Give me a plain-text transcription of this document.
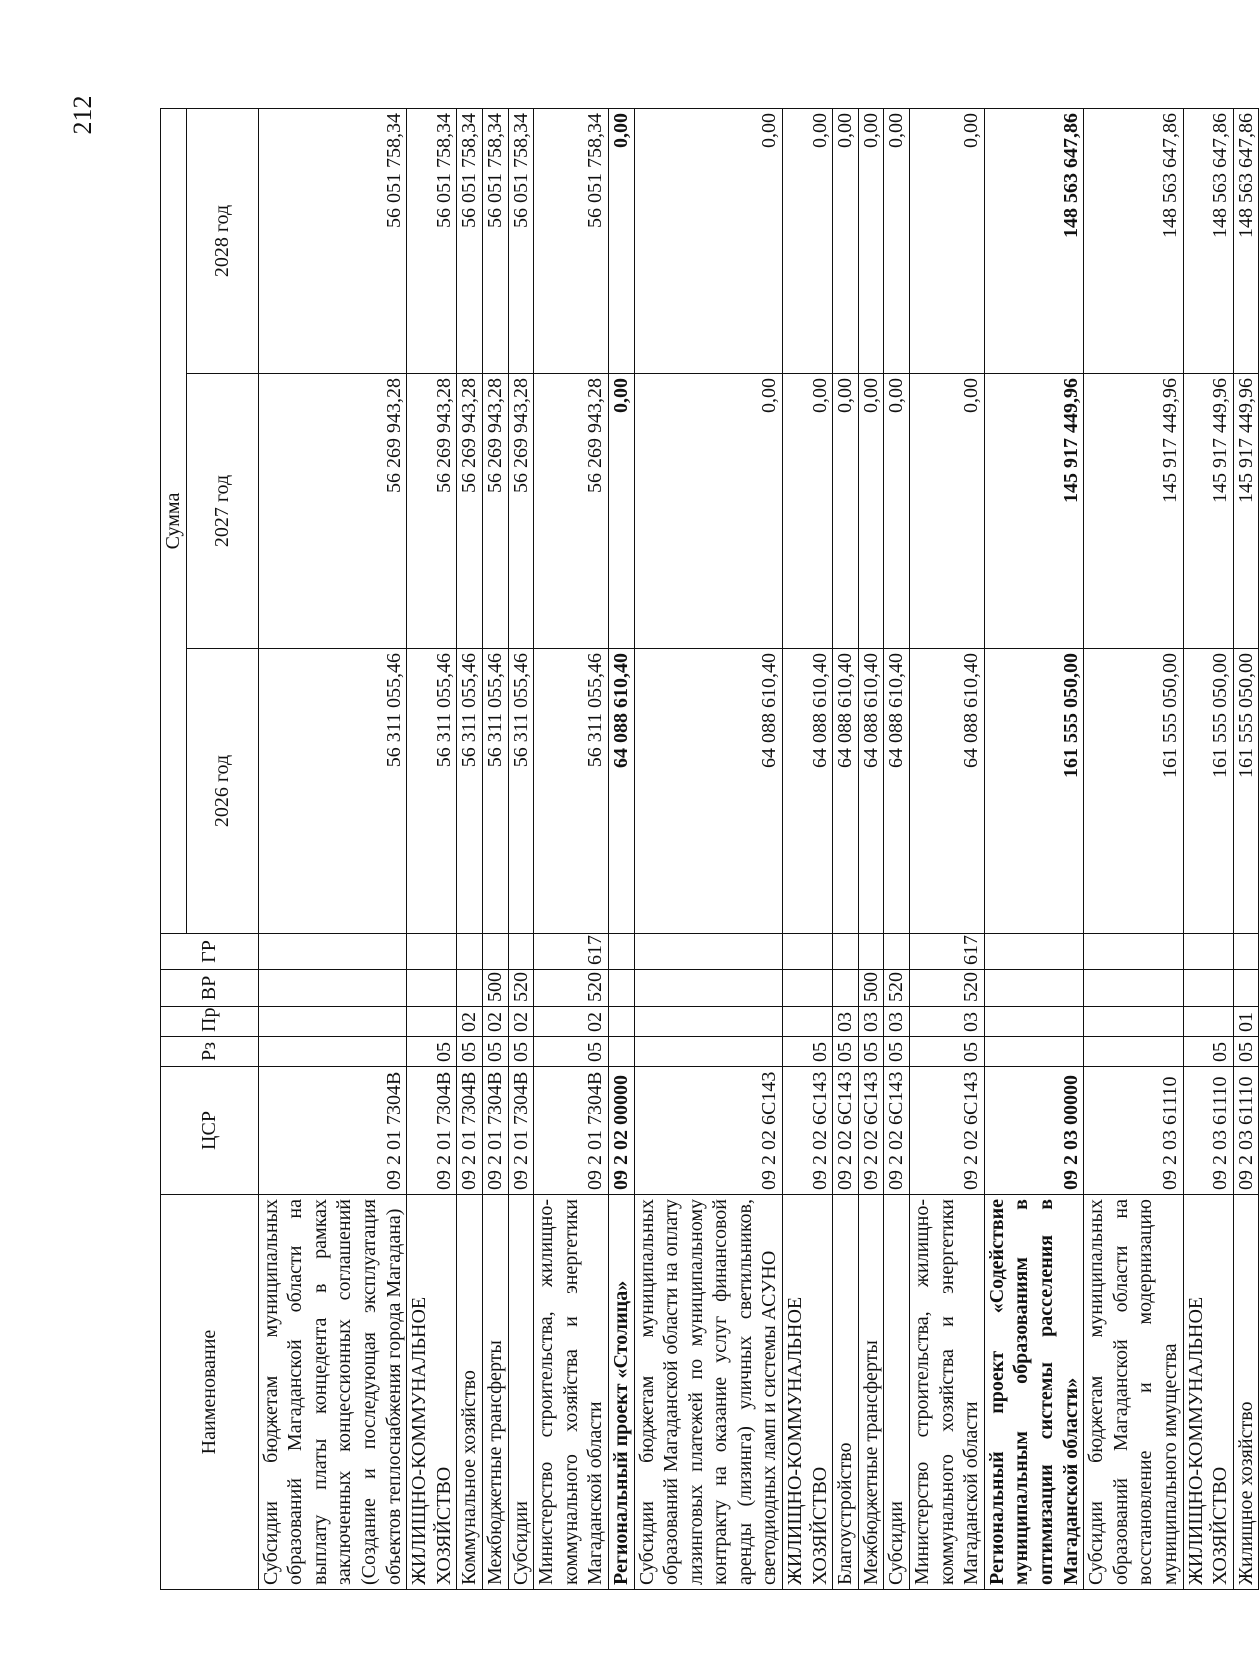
212
Наименование	ЦСР	Рз	Пр	ВР	ГР	Сумма		
						2026 год	2027 год	2028 год
Субсидии бюджетам муниципальных образований Магаданской области на выплату платы концедента в рамках заключенных концессионных соглашений (Создание и последующая эксплуатация объектов теплоснабжения города Магадана)	09 2 01 7304В					56 311 055,46	56 269 943,28	56 051 758,34
ЖИЛИЩНО-КОММУНАЛЬНОЕ ХОЗЯЙСТВО	09 2 01 7304В	05				56 311 055,46	56 269 943,28	56 051 758,34
Коммунальное хозяйство	09 2 01 7304В	05	02			56 311 055,46	56 269 943,28	56 051 758,34
Межбюджетные трансферты	09 2 01 7304В	05	02	500		56 311 055,46	56 269 943,28	56 051 758,34
Субсидии	09 2 01 7304В	05	02	520		56 311 055,46	56 269 943,28	56 051 758,34
Министерство строительства, жилищно-коммунального хозяйства и энергетики Магаданской области	09 2 01 7304В	05	02	520	617	56 311 055,46	56 269 943,28	56 051 758,34
Региональный проект «Столица»	09 2 02 00000					64 088 610,40	0,00	0,00
Субсидии бюджетам муниципальных образований Магаданской области на оплату лизинговых платежей по муниципальному контракту на оказание услуг финансовой аренды (лизинга) уличных светильников, светодиодных ламп и системы АСУНО	09 2 02 6С143					64 088 610,40	0,00	0,00
ЖИЛИЩНО-КОММУНАЛЬНОЕ ХОЗЯЙСТВО	09 2 02 6С143	05				64 088 610,40	0,00	0,00
Благоустройство	09 2 02 6С143	05	03			64 088 610,40	0,00	0,00
Межбюджетные трансферты	09 2 02 6С143	05	03	500		64 088 610,40	0,00	0,00
Субсидии	09 2 02 6С143	05	03	520		64 088 610,40	0,00	0,00
Министерство строительства, жилищно-коммунального хозяйства и энергетики Магаданской области	09 2 02 6С143	05	03	520	617	64 088 610,40	0,00	0,00
Региональный проект «Содействие муниципальным образованиям в оптимизации системы расселения в Магаданской области»	09 2 03 00000					161 555 050,00	145 917 449,96	148 563 647,86
Субсидии бюджетам муниципальных образований Магаданской области на восстановление и модернизацию муниципального имущества	09 2 03 61110					161 555 050,00	145 917 449,96	148 563 647,86
ЖИЛИЩНО-КОММУНАЛЬНОЕ ХОЗЯЙСТВО	09 2 03 61110	05				161 555 050,00	145 917 449,96	148 563 647,86
Жилищное хозяйство	09 2 03 61110	05	01			161 555 050,00	145 917 449,96	148 563 647,86
